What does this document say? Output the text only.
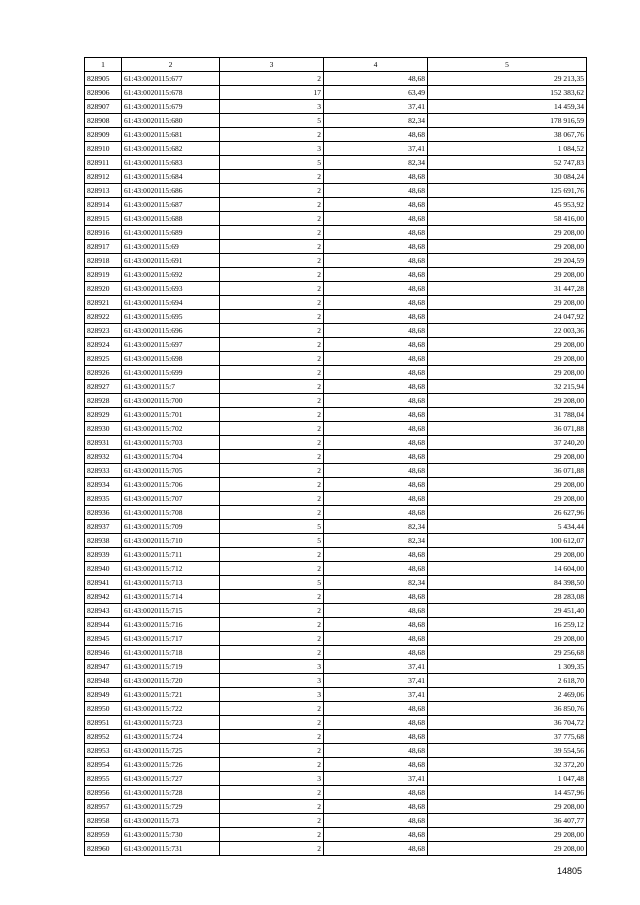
1	2	3	4	5
828905	61:43:0020115:677	2	48,68	29 213,35
828906	61:43:0020115:678	17	63,49	152 383,62
828907	61:43:0020115:679	3	37,41	14 459,34
828908	61:43:0020115:680	5	82,34	178 916,59
828909	61:43:0020115:681	2	48,68	38 067,76
828910	61:43:0020115:682	3	37,41	1 084,52
828911	61:43:0020115:683	5	82,34	52 747,83
828912	61:43:0020115:684	2	48,68	30 084,24
828913	61:43:0020115:686	2	48,68	125 691,76
828914	61:43:0020115:687	2	48,68	45 953,92
828915	61:43:0020115:688	2	48,68	58 416,00
828916	61:43:0020115:689	2	48,68	29 208,00
828917	61:43:0020115:69	2	48,68	29 208,00
828918	61:43:0020115:691	2	48,68	29 204,59
828919	61:43:0020115:692	2	48,68	29 208,00
828920	61:43:0020115:693	2	48,68	31 447,28
828921	61:43:0020115:694	2	48,68	29 208,00
828922	61:43:0020115:695	2	48,68	24 047,92
828923	61:43:0020115:696	2	48,68	22 003,36
828924	61:43:0020115:697	2	48,68	29 208,00
828925	61:43:0020115:698	2	48,68	29 208,00
828926	61:43:0020115:699	2	48,68	29 208,00
828927	61:43:0020115:7	2	48,68	32 215,94
828928	61:43:0020115:700	2	48,68	29 208,00
828929	61:43:0020115:701	2	48,68	31 788,04
828930	61:43:0020115:702	2	48,68	36 071,88
828931	61:43:0020115:703	2	48,68	37 240,20
828932	61:43:0020115:704	2	48,68	29 208,00
828933	61:43:0020115:705	2	48,68	36 071,88
828934	61:43:0020115:706	2	48,68	29 208,00
828935	61:43:0020115:707	2	48,68	29 208,00
828936	61:43:0020115:708	2	48,68	26 627,96
828937	61:43:0020115:709	5	82,34	5 434,44
828938	61:43:0020115:710	5	82,34	100 612,07
828939	61:43:0020115:711	2	48,68	29 208,00
828940	61:43:0020115:712	2	48,68	14 604,00
828941	61:43:0020115:713	5	82,34	84 398,50
828942	61:43:0020115:714	2	48,68	28 283,08
828943	61:43:0020115:715	2	48,68	29 451,40
828944	61:43:0020115:716	2	48,68	16 259,12
828945	61:43:0020115:717	2	48,68	29 208,00
828946	61:43:0020115:718	2	48,68	29 256,68
828947	61:43:0020115:719	3	37,41	1 309,35
828948	61:43:0020115:720	3	37,41	2 618,70
828949	61:43:0020115:721	3	37,41	2 469,06
828950	61:43:0020115:722	2	48,68	36 850,76
828951	61:43:0020115:723	2	48,68	36 704,72
828952	61:43:0020115:724	2	48,68	37 775,68
828953	61:43:0020115:725	2	48,68	39 554,56
828954	61:43:0020115:726	2	48,68	32 372,20
828955	61:43:0020115:727	3	37,41	1 047,48
828956	61:43:0020115:728	2	48,68	14 457,96
828957	61:43:0020115:729	2	48,68	29 208,00
828958	61:43:0020115:73	2	48,68	36 407,77
828959	61:43:0020115:730	2	48,68	29 208,00
828960	61:43:0020115:731	2	48,68	29 208,00
14805
